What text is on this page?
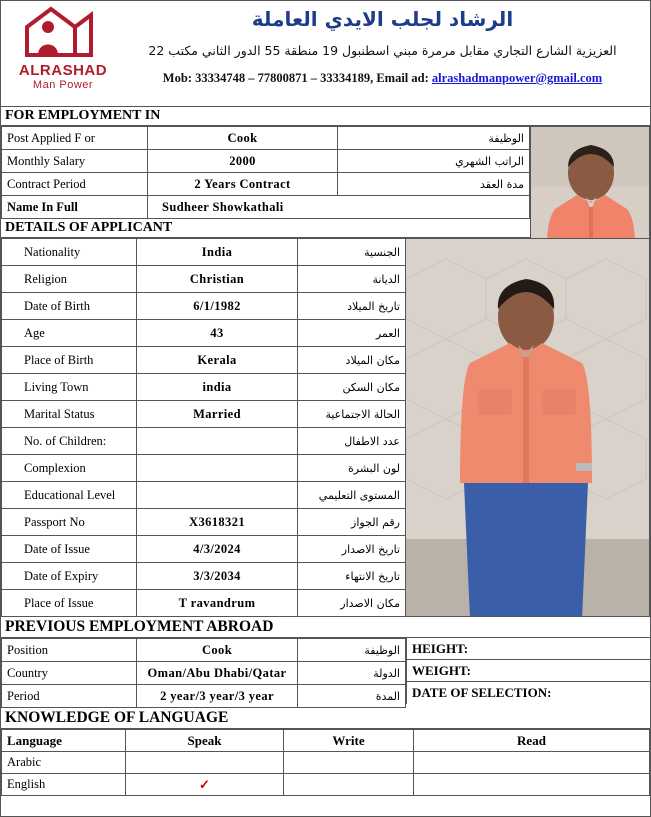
ALRASHAD
Man Power
الرشاد لجلب الايدي العاملة
العزيزية الشارع التجاري مقابل مرمرة مبني اسطنبول 19 منطقة 55 الدور الثاني مكتب 22
Mob: 33334748 – 77800871 – 33334189, Email ad: alrashadmanpower@gmail.com
FOR EMPLOYMENT IN
Post Applied F or	Cook	الوظيفة
Monthly Salary	2000	الراتب الشهري
Contract Period	2 Years Contract	مدة العقد
Name In Full	Sudheer Showkathali	
DETAILS OF APPLICANT
Nationality	India	الجنسية
Religion	Christian	الديانة
Date of Birth	6/1/1982	تاريخ الميلاد
Age	43	العمر
Place of Birth	Kerala	مكان الميلاد
Living Town	india	مكان السكن
Marital Status	Married	الحالة الاجتماعية
No. of Children:		عدد الاطفال
Complexion		لون البشرة
Educational Level		المستوى التعليمي
Passport No	X3618321	رقم الجواز
Date of Issue	4/3/2024	تاريخ الاصدار
Date of Expiry	3/3/2034	تاريخ الانتهاء
Place of Issue	T ravandrum	مكان الاصدار
PREVIOUS EMPLOYMENT ABROAD
Position	Cook	الوظيفة
Country	Oman/Abu Dhabi/Qatar	الدولة
Period	2 year/3 year/3 year	المدة
HEIGHT:
WEIGHT:
DATE OF SELECTION:
KNOWLEDGE OF LANGUAGE
Language	Speak	Write	Read
Arabic			
English	✓		
